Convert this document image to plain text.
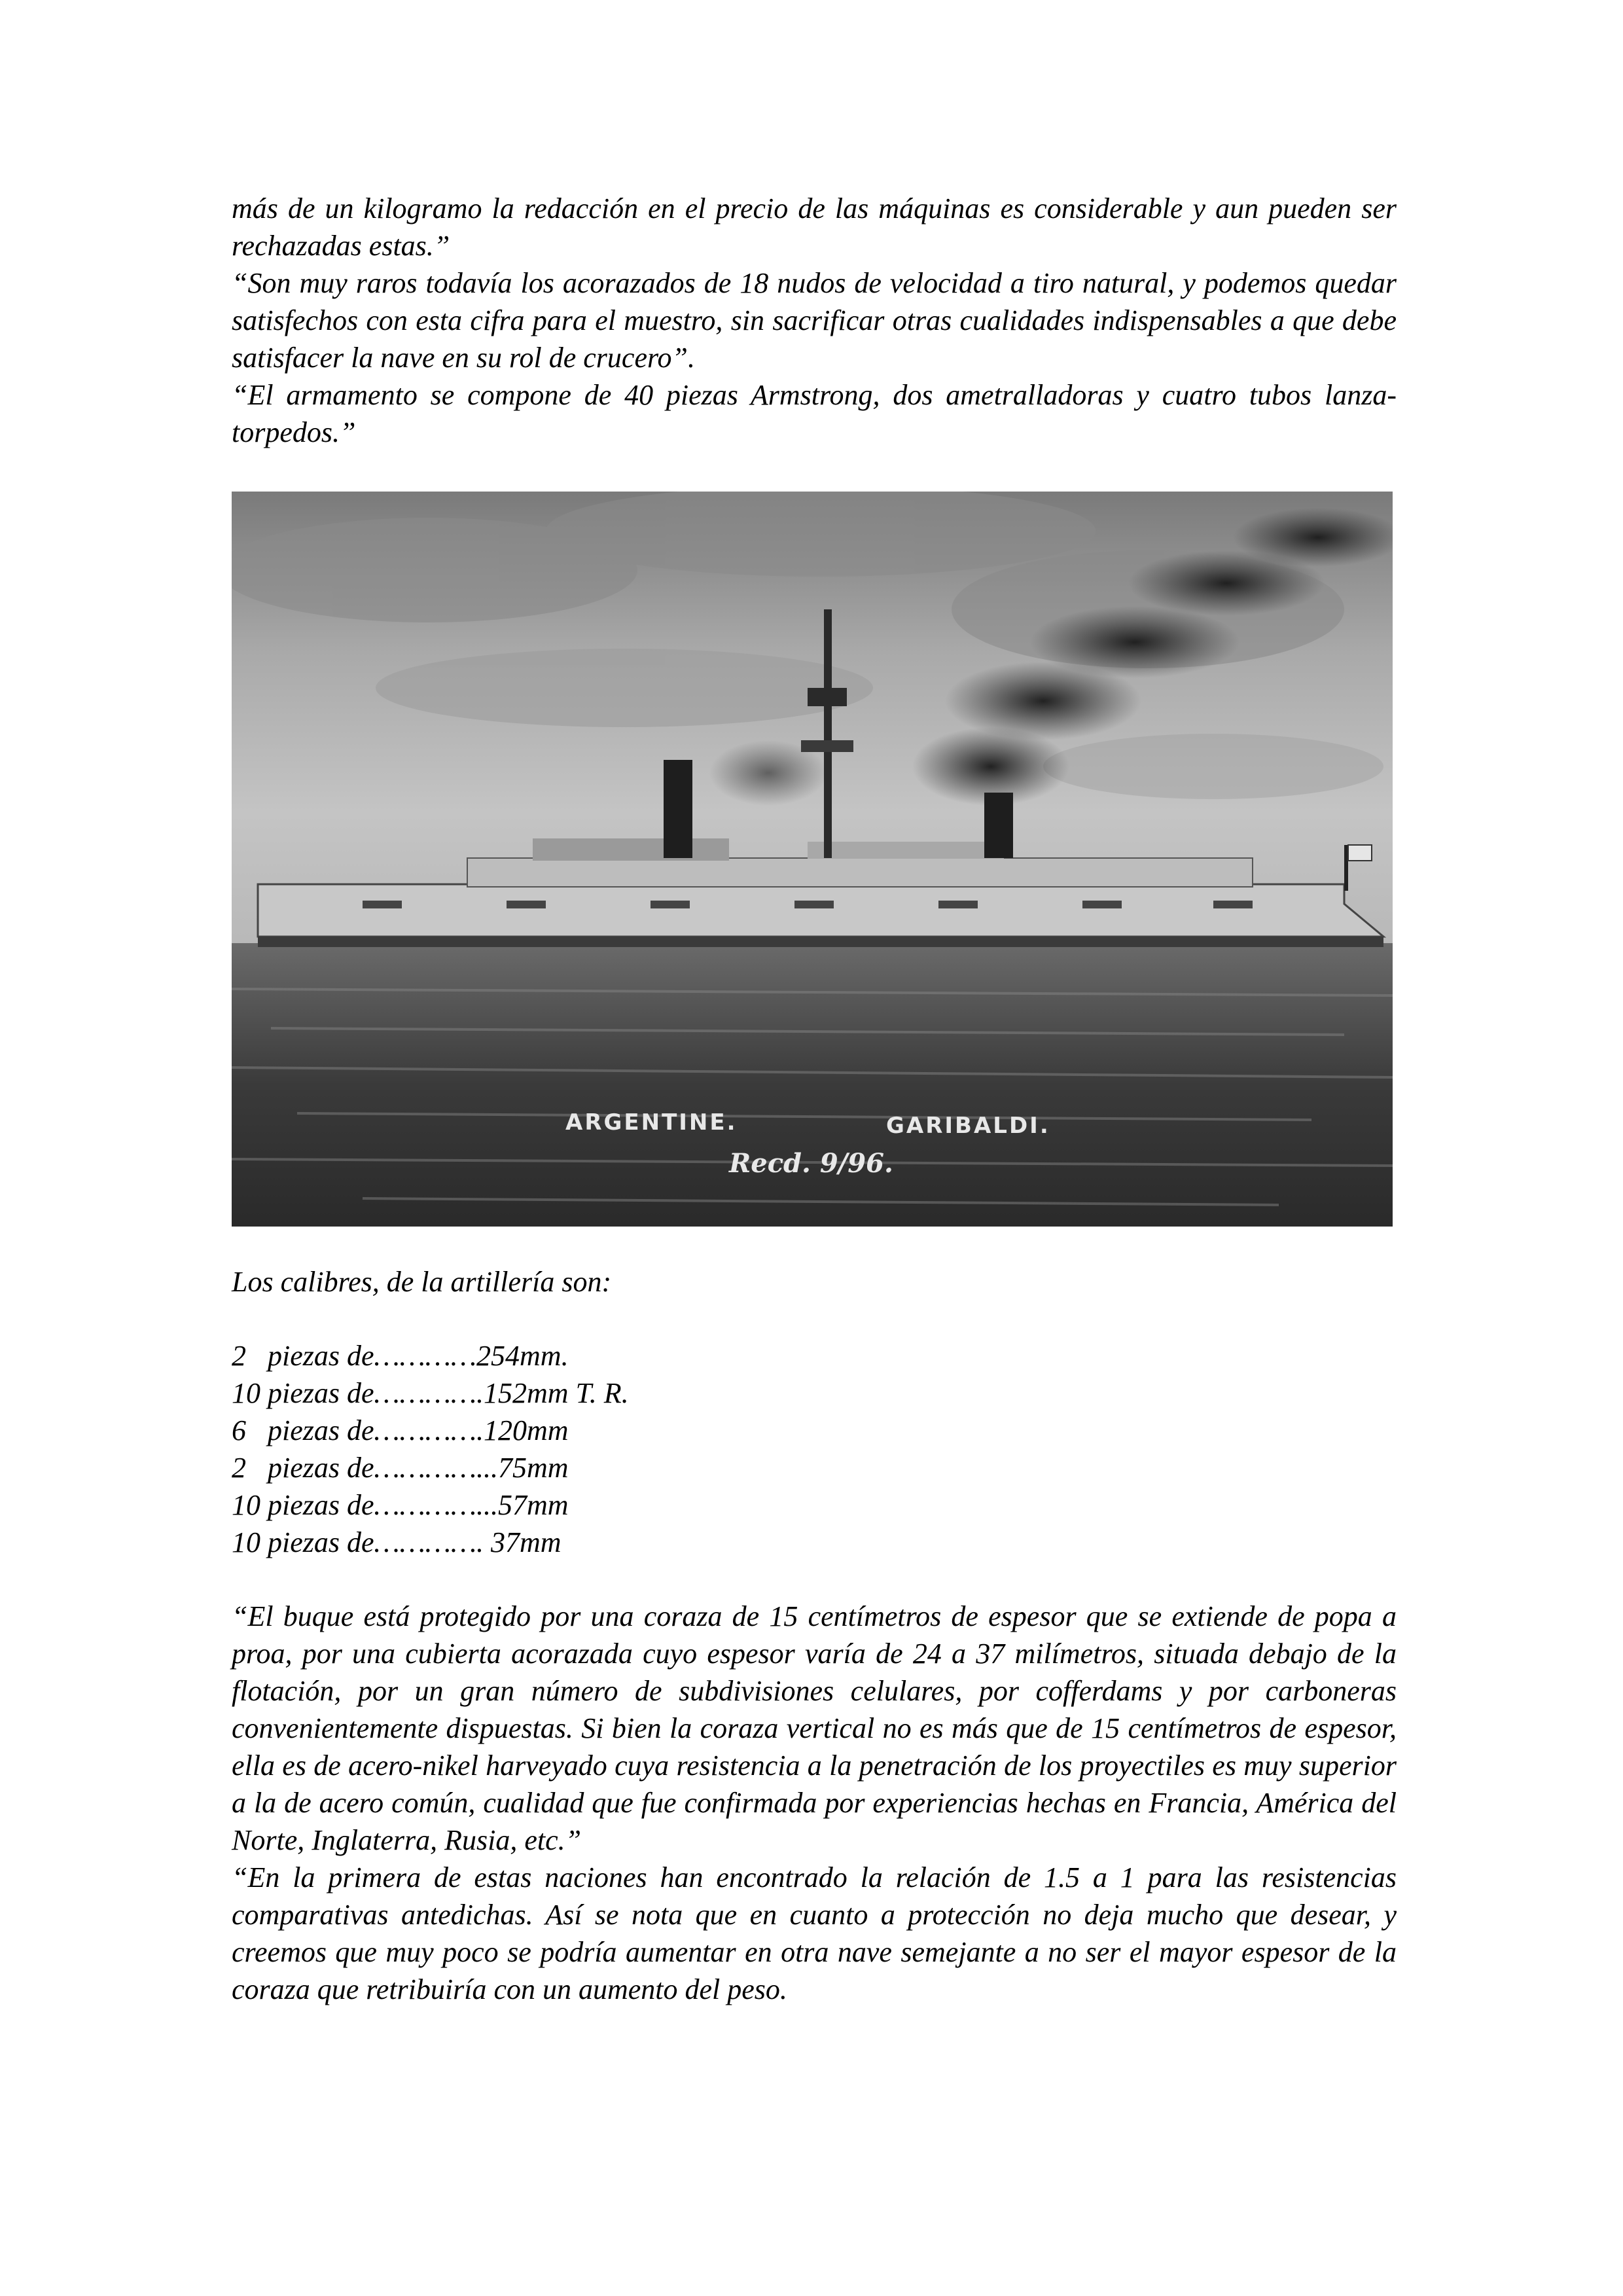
más de un kilogramo la redacción en el precio de las máquinas es considerable y aun pueden ser rechazadas estas.”

“Son muy raros todavía los acorazados de 18 nudos de velocidad a tiro natural, y podemos quedar satisfechos con esta cifra para el muestro, sin sacrificar otras cualidades indispensables a que debe satisfacer la nave en su rol de crucero”.

“El armamento se compone de 40 piezas Armstrong, dos ametralladoras y cuatro tubos lanza-torpedos.”

ARGENTINE.	GARIBALDI.
Recd. 9/96.

Los calibres, de la artillería son:

2   piezas de…………254mm.
10 piezas de………….152mm T. R.
6   piezas de………….120mm
2   piezas de…………...75mm
10 piezas de…………...57mm
10 piezas de…………. 37mm

“El buque está protegido por una coraza de 15 centímetros de espesor que se extiende de popa a proa, por una cubierta acorazada cuyo espesor varía de 24 a 37 milímetros, situada debajo de la flotación, por un gran número de subdivisiones celulares, por cofferdams y por carboneras convenientemente dispuestas. Si bien la coraza vertical no es más que de 15 centímetros de espesor, ella es de acero-nikel harveyado cuya resistencia a la penetración de los proyectiles es muy superior a la de acero común, cualidad que fue confirmada por experiencias hechas en Francia, América del Norte, Inglaterra, Rusia, etc.”

“En la primera de estas naciones han encontrado la relación de 1.5 a 1 para las resistencias comparativas antedichas. Así se nota que en cuanto a protección no deja mucho que desear, y creemos que muy poco se podría aumentar en otra nave semejante a no ser el mayor espesor de la coraza que retribuiría con un aumento del peso.
